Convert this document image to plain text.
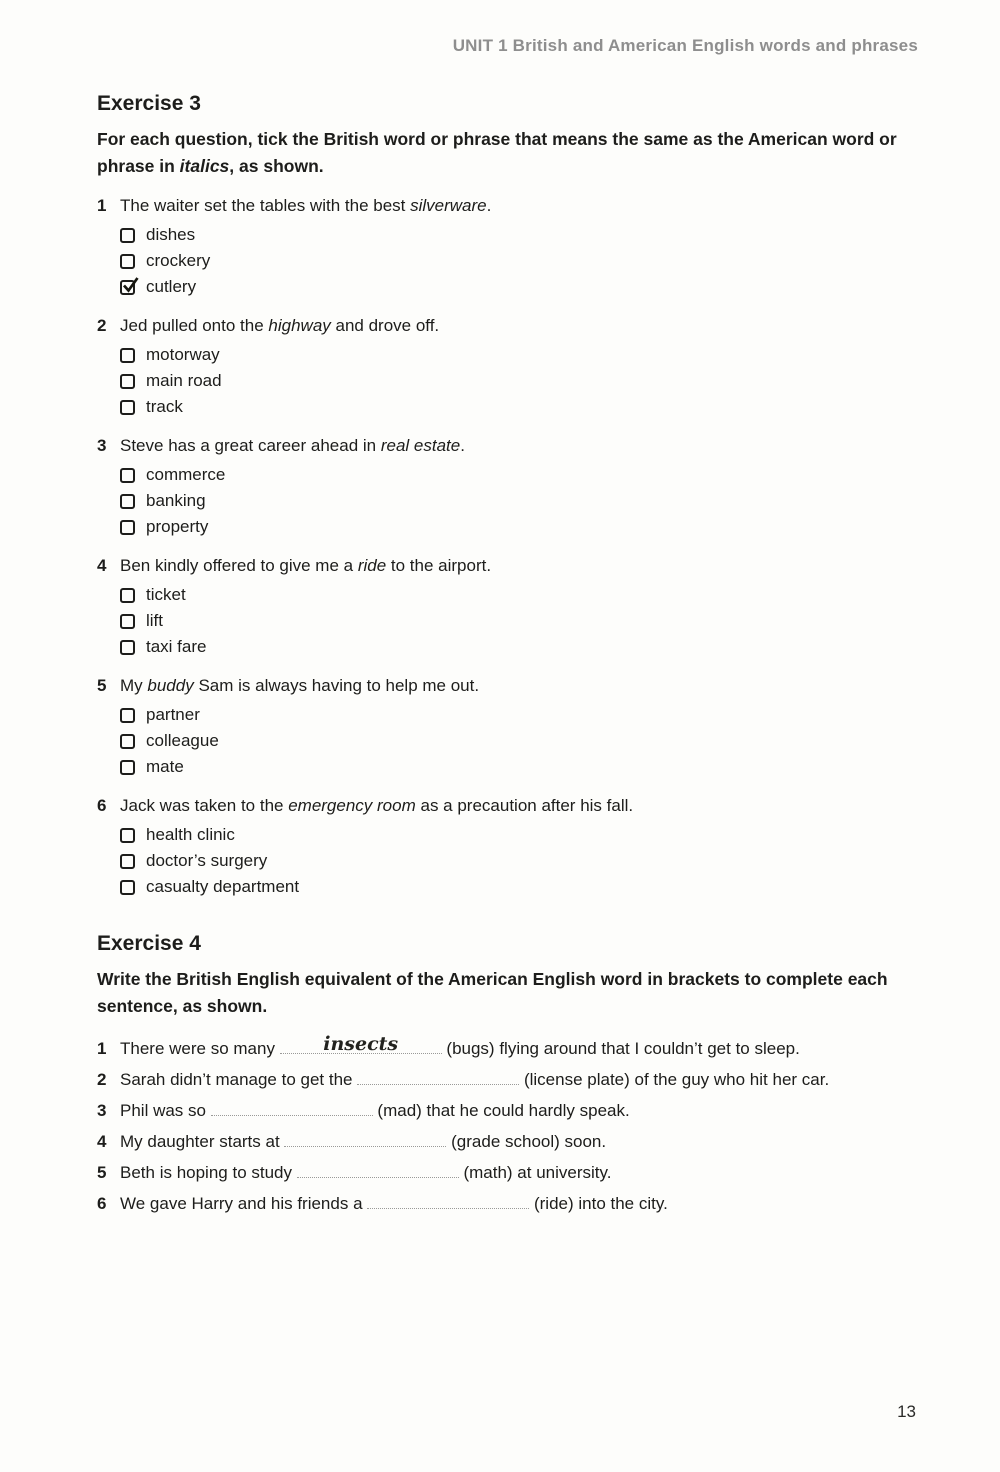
UNIT 1 British and American English words and phrases
Exercise 3
For each question, tick the British word or phrase that means the same as the American word or phrase in italics, as shown.
1 The waiter set the tables with the best silverware.
dishes
crockery
cutlery
2 Jed pulled onto the highway and drove off.
motorway
main road
track
3 Steve has a great career ahead in real estate.
commerce
banking
property
4 Ben kindly offered to give me a ride to the airport.
ticket
lift
taxi fare
5 My buddy Sam is always having to help me out.
partner
colleague
mate
6 Jack was taken to the emergency room as a precaution after his fall.
health clinic
doctor’s surgery
casualty department
Exercise 4
Write the British English equivalent of the American English word in brackets to complete each sentence, as shown.
1 There were so many	insects	(bugs) flying around that I couldn’t get to sleep.
2 Sarah didn’t manage to get the	(license plate) of the guy who hit her car.
3 Phil was so	(mad) that he could hardly speak.
4 My daughter starts at	(grade school) soon.
5 Beth is hoping to study	(math) at university.
6 We gave Harry and his friends a	(ride) into the city.
13
